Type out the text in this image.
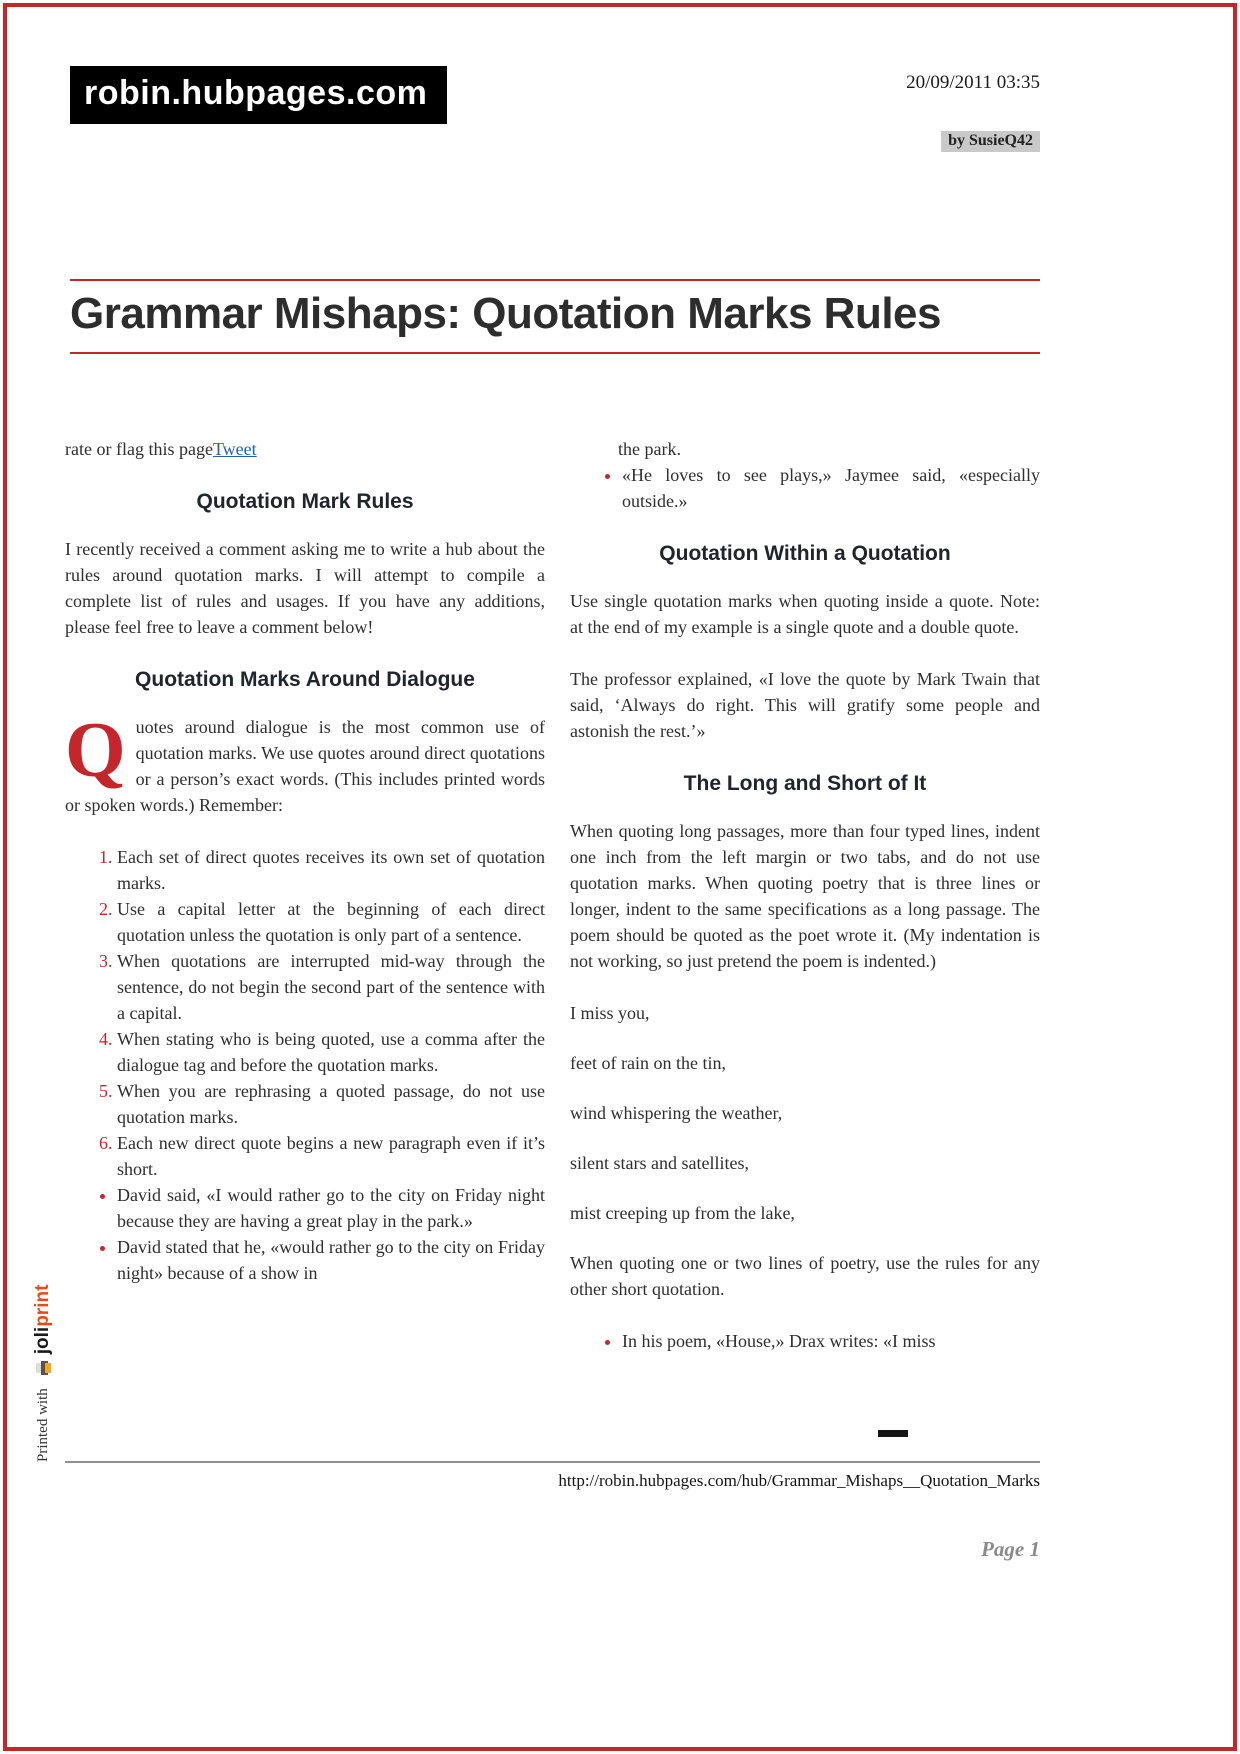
robin.hubpages.com	20/09/2011 03:35
by SusieQ42
Grammar Mishaps: Quotation Marks Rules

rate or flag this pageTweet

Quotation Mark Rules

I recently received a comment asking me to write a hub about the rules around quotation marks. I will attempt to compile a complete list of rules and usages. If you have any additions, please feel free to leave a comment below!

Quotation Marks Around Dialogue

Quotes around dialogue is the most common use of quotation marks. We use quotes around direct quotations or a person’s exact words. (This includes printed words or spoken words.) Remember:

1. Each set of direct quotes receives its own set of quotation marks.
2. Use a capital letter at the beginning of each direct quotation unless the quotation is only part of a sentence.
3. When quotations are interrupted mid-way through the sentence, do not begin the second part of the sentence with a capital.
4. When stating who is being quoted, use a comma after the dialogue tag and before the quotation marks.
5. When you are rephrasing a quoted passage, do not use quotation marks.
6. Each new direct quote begins a new paragraph even if it’s short.
• David said, «I would rather go to the city on Friday night because they are having a great play in the park.»
• David stated that he, «would rather go to the city on Friday night» because of a show in

the park.

• «He loves to see plays,» Jaymee said, «especially outside.»
Quotation Within a Quotation

Use single quotation marks when quoting inside a quote. Note: at the end of my example is a single quote and a double quote.

The professor explained, «I love the quote by Mark Twain that said, ‘Always do right. This will gratify some people and astonish the rest.’»

The Long and Short of It

When quoting long passages, more than four typed lines, indent one inch from the left margin or two tabs, and do not use quotation marks. When quoting poetry that is three lines or longer, indent to the same specifications as a long passage. The poem should be quoted as the poet wrote it. (My indentation is not working, so just pretend the poem is indented.)

I miss you,

feet of rain on the tin,

wind whispering the weather,

silent stars and satellites,

mist creeping up from the lake,

When quoting one or two lines of poetry, use the rules for any other short quotation.

• In his poem, «House,» Drax writes: «I miss
http://robin.hubpages.com/hub/Grammar_Mishaps__Quotation_Marks
Page 1
Printed with
joliprint
